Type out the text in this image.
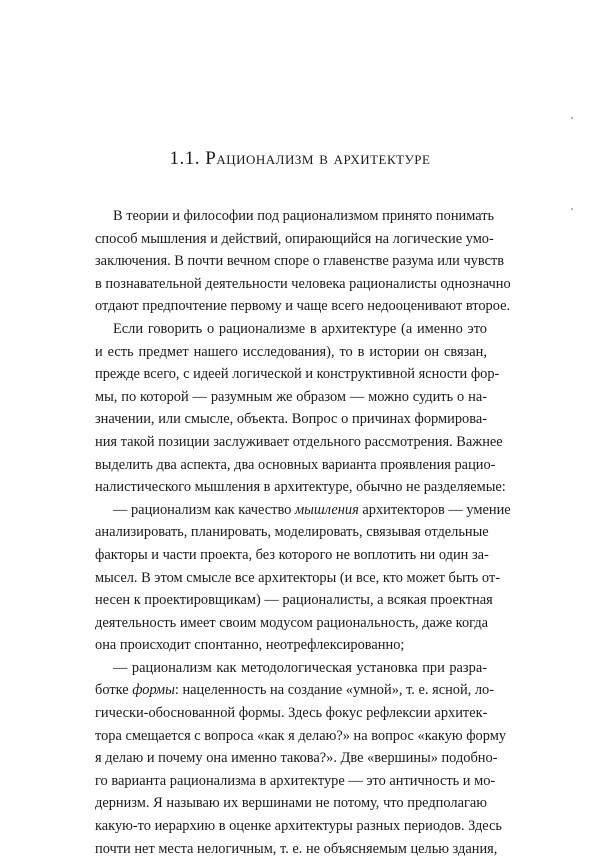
1.1. Рационализм в архитектуре
В теории и философии под рационализмом принято понимать
способ мышления и действий, опирающийся на логические умо-
заключения. В почти вечном споре о главенстве разума или чувств
в познавательной деятельности человека рационалисты однозначно
отдают предпочтение первому и чаще всего недооценивают второе.
Если говорить о рационализме в архитектуре (а именно это
и есть предмет нашего исследования), то в истории он связан,
прежде всего, с идеей логической и конструктивной ясности фор-
мы, по которой — разумным же образом — можно судить о на-
значении, или смысле, объекта. Вопрос о причинах формирова-
ния такой позиции заслуживает отдельного рассмотрения. Важнее
выделить два аспекта, два основных варианта проявления рацио-
налистического мышления в архитектуре, обычно не разделяемые:
— рационализм как качество мышления архитекторов — умение
анализировать, планировать, моделировать, связывая отдельные
факторы и части проекта, без которого не воплотить ни один за-
мысел. В этом смысле все архитекторы (и все, кто может быть от-
несен к проектировщикам) — рационалисты, а всякая проектная
деятельность имеет своим модусом рациональность, даже когда
она происходит спонтанно, неотрефлексированно;
— рационализм как методологическая установка при разра-
ботке формы: нацеленность на создание «умной», т. е. ясной, ло-
гически-обоснованной формы. Здесь фокус рефлексии архитек-
тора смещается с вопроса «как я делаю?» на вопрос «какую форму
я делаю и почему она именно такова?». Две «вершины» подобно-
го варианта рационализма в архитектуре — это античность и мо-
дернизм. Я называю их вершинами не потому, что предполагаю
какую-то иерархию в оценке архитектуры разных периодов. Здесь
почти нет места нелогичным, т. е. не объясняемым целью здания,
